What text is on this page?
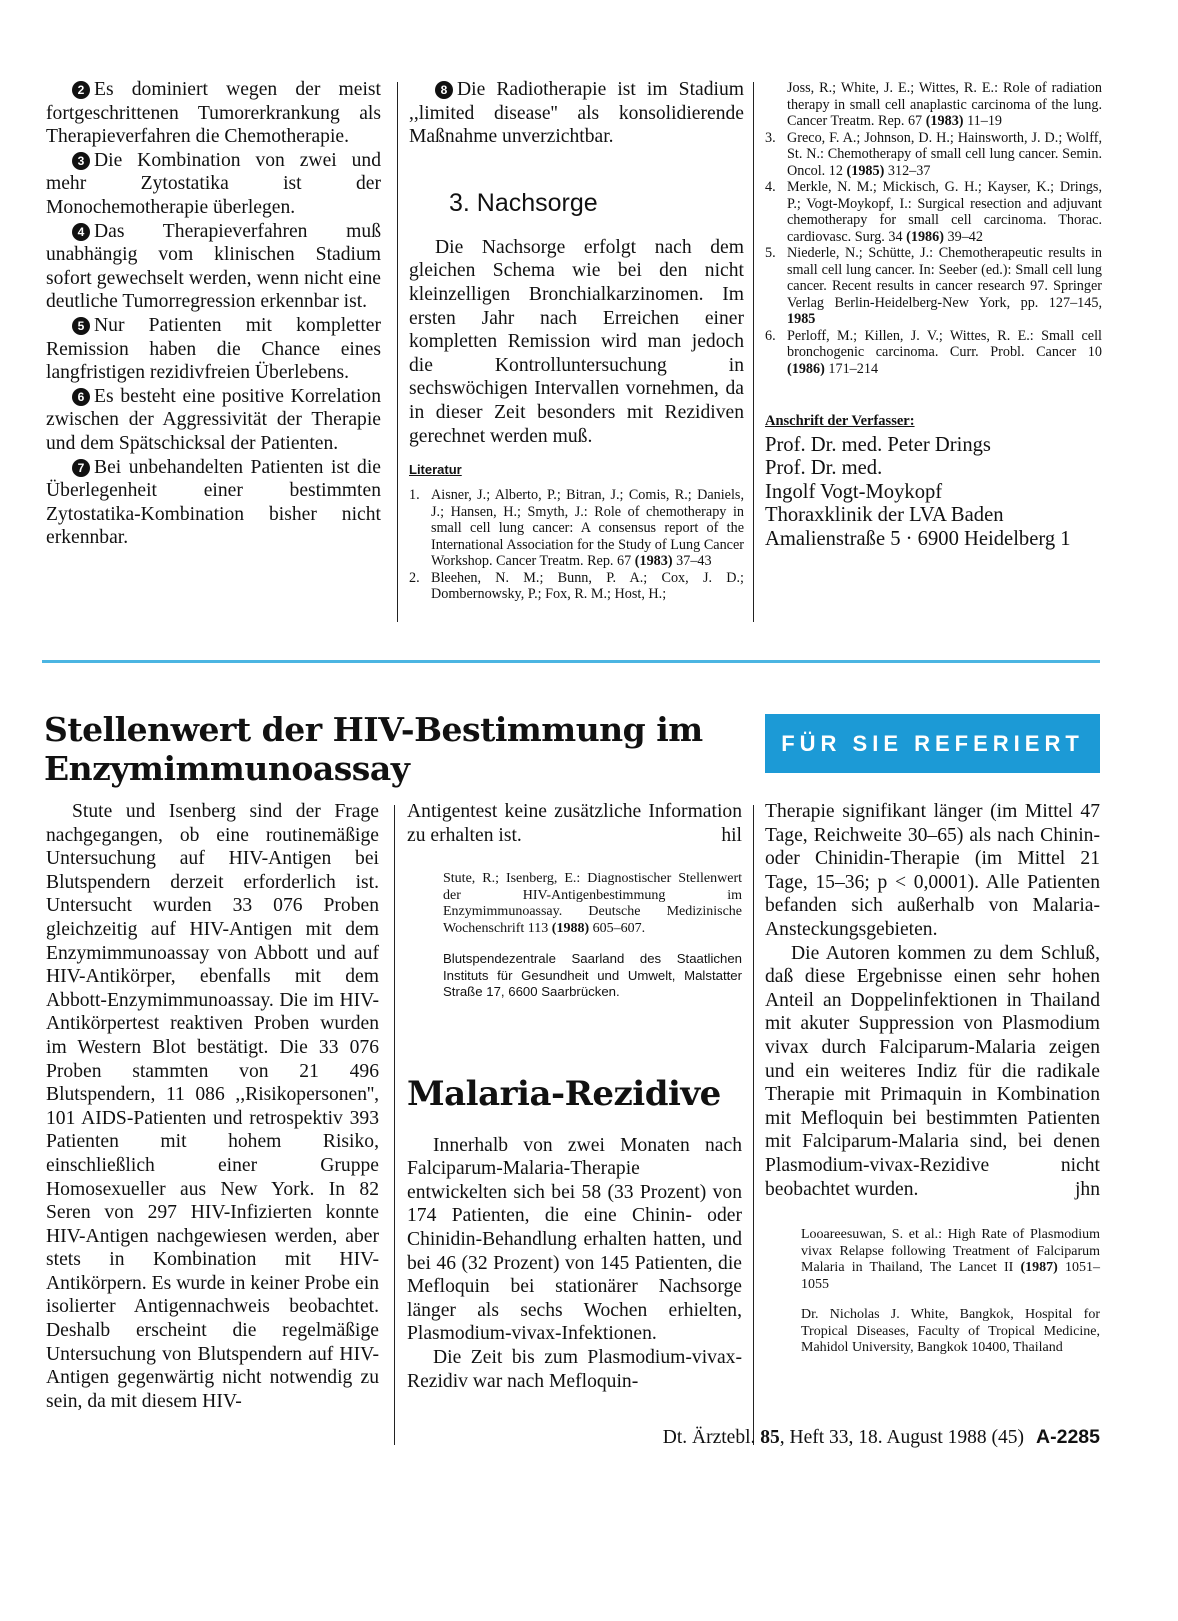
2 Es dominiert wegen der meist fortgeschrittenen Tumorerkrankung als Therapieverfahren die Chemotherapie.
3 Die Kombination von zwei und mehr Zytostatika ist der Monochemotherapie überlegen.
4 Das Therapieverfahren muß unabhängig vom klinischen Stadium sofort gewechselt werden, wenn nicht eine deutliche Tumorregression erkennbar ist.
5 Nur Patienten mit kompletter Remission haben die Chance eines langfristigen rezidivfreien Überlebens.
6 Es besteht eine positive Korrelation zwischen der Aggressivität der Therapie und dem Spätschicksal der Patienten.
7 Bei unbehandelten Patienten ist die Überlegenheit einer bestimmten Zytostatika-Kombination bisher nicht erkennbar.
8 Die Radiotherapie ist im Stadium ,,limited disease'' als konsolidierende Maßnahme unverzichtbar.
3. Nachsorge

Die Nachsorge erfolgt nach dem gleichen Schema wie bei den nicht kleinzelligen Bronchialkarzinomen. Im ersten Jahr nach Erreichen einer kompletten Remission wird man jedoch die Kontrolluntersuchung in sechswöchigen Intervallen vornehmen, da in dieser Zeit besonders mit Rezidiven gerechnet werden muß.

Literatur
1. Aisner, J.; Alberto, P.; Bitran, J.; Comis, R.; Daniels, J.; Hansen, H.; Smyth, J.: Role of chemotherapy in small cell lung cancer: A consensus report of the International Association for the Study of Lung Cancer Workshop. Cancer Treatm. Rep. 67 (1983) 37–43
2. Bleehen, N. M.; Bunn, P. A.; Cox, J. D.; Dombernowsky, P.; Fox, R. M.; Host, H.;
Joss, R.; White, J. E.; Wittes, R. E.: Role of radiation therapy in small cell anaplastic carcinoma of the lung. Cancer Treatm. Rep. 67 (1983) 11–19
3. Greco, F. A.; Johnson, D. H.; Hainsworth, J. D.; Wolff, St. N.: Chemotherapy of small cell lung cancer. Semin. Oncol. 12 (1985) 312–37
4. Merkle, N. M.; Mickisch, G. H.; Kayser, K.; Drings, P.; Vogt-Moykopf, I.: Surgical resection and adjuvant chemotherapy for small cell carcinoma. Thorac. cardiovasc. Surg. 34 (1986) 39–42
5. Niederle, N.; Schütte, J.: Chemotherapeutic results in small cell lung cancer. In: Seeber (ed.): Small cell lung cancer. Recent results in cancer research 97. Springer Verlag Berlin-Heidelberg-New York, pp. 127–145, 1985
6. Perloff, M.; Killen, J. V.; Wittes, R. E.: Small cell bronchogenic carcinoma. Curr. Probl. Cancer 10 (1986) 171–214
Anschrift der Verfasser:
Prof. Dr. med. Peter Drings
Prof. Dr. med.
Ingolf Vogt-Moykopf
Thoraxklinik der LVA Baden
Amalienstraße 5 · 6900 Heidelberg 1
Stellenwert der HIV-Bestimmung im Enzymimmunoassay
FÜR SIE REFERIERT

Stute und Isenberg sind der Frage nachgegangen, ob eine routinemäßige Untersuchung auf HIV-Antigen bei Blutspendern derzeit erforderlich ist. Untersucht wurden 33 076 Proben gleichzeitig auf HIV-Antigen mit dem Enzymimmunoassay von Abbott und auf HIV-Antikörper, ebenfalls mit dem Abbott-Enzymimmunoassay. Die im HIV-Antikörpertest reaktiven Proben wurden im Western Blot bestätigt. Die 33 076 Proben stammten von 21 496 Blutspendern, 11 086 ,,Risikopersonen'', 101 AIDS-Patienten und retrospektiv 393 Patienten mit hohem Risiko, einschließlich einer Gruppe Homosexueller aus New York. In 82 Seren von 297 HIV-Infizierten konnte HIV-Antigen nachgewiesen werden, aber stets in Kombination mit HIV-Antikörpern. Es wurde in keiner Probe ein isolierter Antigennachweis beobachtet. Deshalb erscheint die regelmäßige Untersuchung von Blutspendern auf HIV-Antigen gegenwärtig nicht notwendig zu sein, da mit diesem HIV-

Antigentest keine zusätzliche Information zu erhalten ist.	hil
Stute, R.; Isenberg, E.: Diagnostischer Stellenwert der HIV-Antigenbestimmung im Enzymimmunoassay. Deutsche Medizinische Wochenschrift 113 (1988) 605–607.
Blutspendezentrale Saarland des Staatlichen Instituts für Gesundheit und Umwelt, Malstatter Straße 17, 6600 Saarbrücken.
Malaria-Rezidive

Innerhalb von zwei Monaten nach Falciparum-Malaria-Therapie entwickelten sich bei 58 (33 Prozent) von 174 Patienten, die eine Chinin- oder Chinidin-Behandlung erhalten hatten, und bei 46 (32 Prozent) von 145 Patienten, die Mefloquin bei stationärer Nachsorge länger als sechs Wochen erhielten, Plasmodium-vivax-Infektionen.

Die Zeit bis zum Plasmodium-vivax-Rezidiv war nach Mefloquin-

Therapie signifikant länger (im Mittel 47 Tage, Reichweite 30–65) als nach Chinin- oder Chinidin-Therapie (im Mittel 21 Tage, 15–36; p < 0,0001). Alle Patienten befanden sich außerhalb von Malaria-Ansteckungsgebieten.

Die Autoren kommen zu dem Schluß, daß diese Ergebnisse einen sehr hohen Anteil an Doppelinfektionen in Thailand mit akuter Suppression von Plasmodium vivax durch Falciparum-Malaria zeigen und ein weiteres Indiz für die radikale Therapie mit Primaquin in Kombination mit Mefloquin bei bestimmten Patienten mit Falciparum-Malaria sind, bei denen Plasmodium-vivax-Rezidive nicht beobachtet wurden.	jhn

Looareesuwan, S. et al.: High Rate of Plasmodium vivax Relapse following Treatment of Falciparum Malaria in Thailand, The Lancet II (1987) 1051–1055
Dr. Nicholas J. White, Bangkok, Hospital for Tropical Diseases, Faculty of Tropical Medicine, Mahidol University, Bangkok 10400, Thailand
Dt. Ärztebl. 85, Heft 33, 18. August 1988 (45) A-2285
